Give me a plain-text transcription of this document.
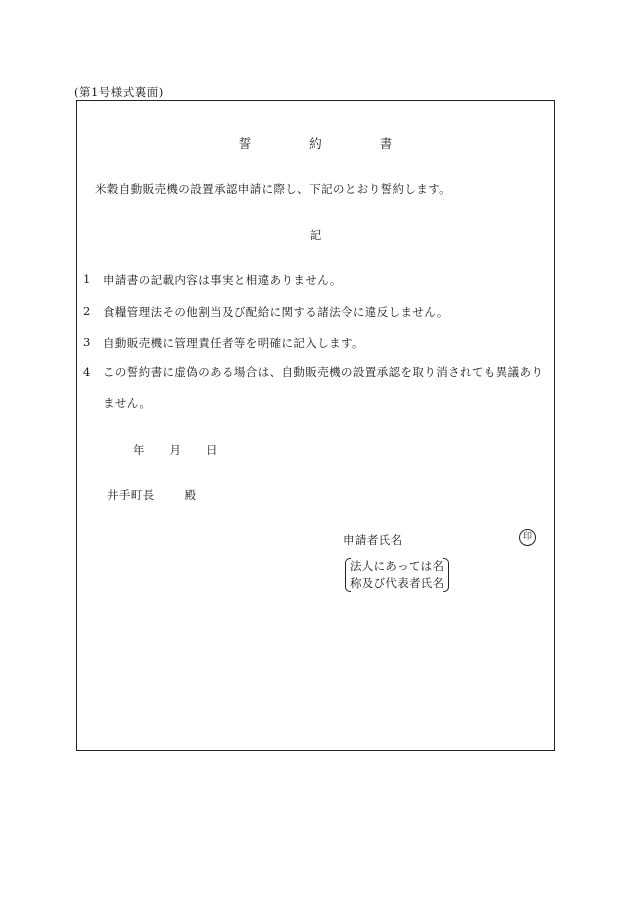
(第1号様式裏面)
誓	約	書
米穀自動販売機の設置承認申請に際し、下記のとおり誓約します。
記
1	申請書の記載内容は事実と相違ありません。
2	食糧管理法その他割当及び配給に関する諸法令に違反しません。
3	自動販売機に管理責任者等を明確に記入します。
4	この誓約書に虚偽のある場合は、自動販売機の設置承認を取り消されても異議ありません。
年 月 日
井手町長	殿
申請者氏名	印
法人にあっては名
称及び代表者氏名
